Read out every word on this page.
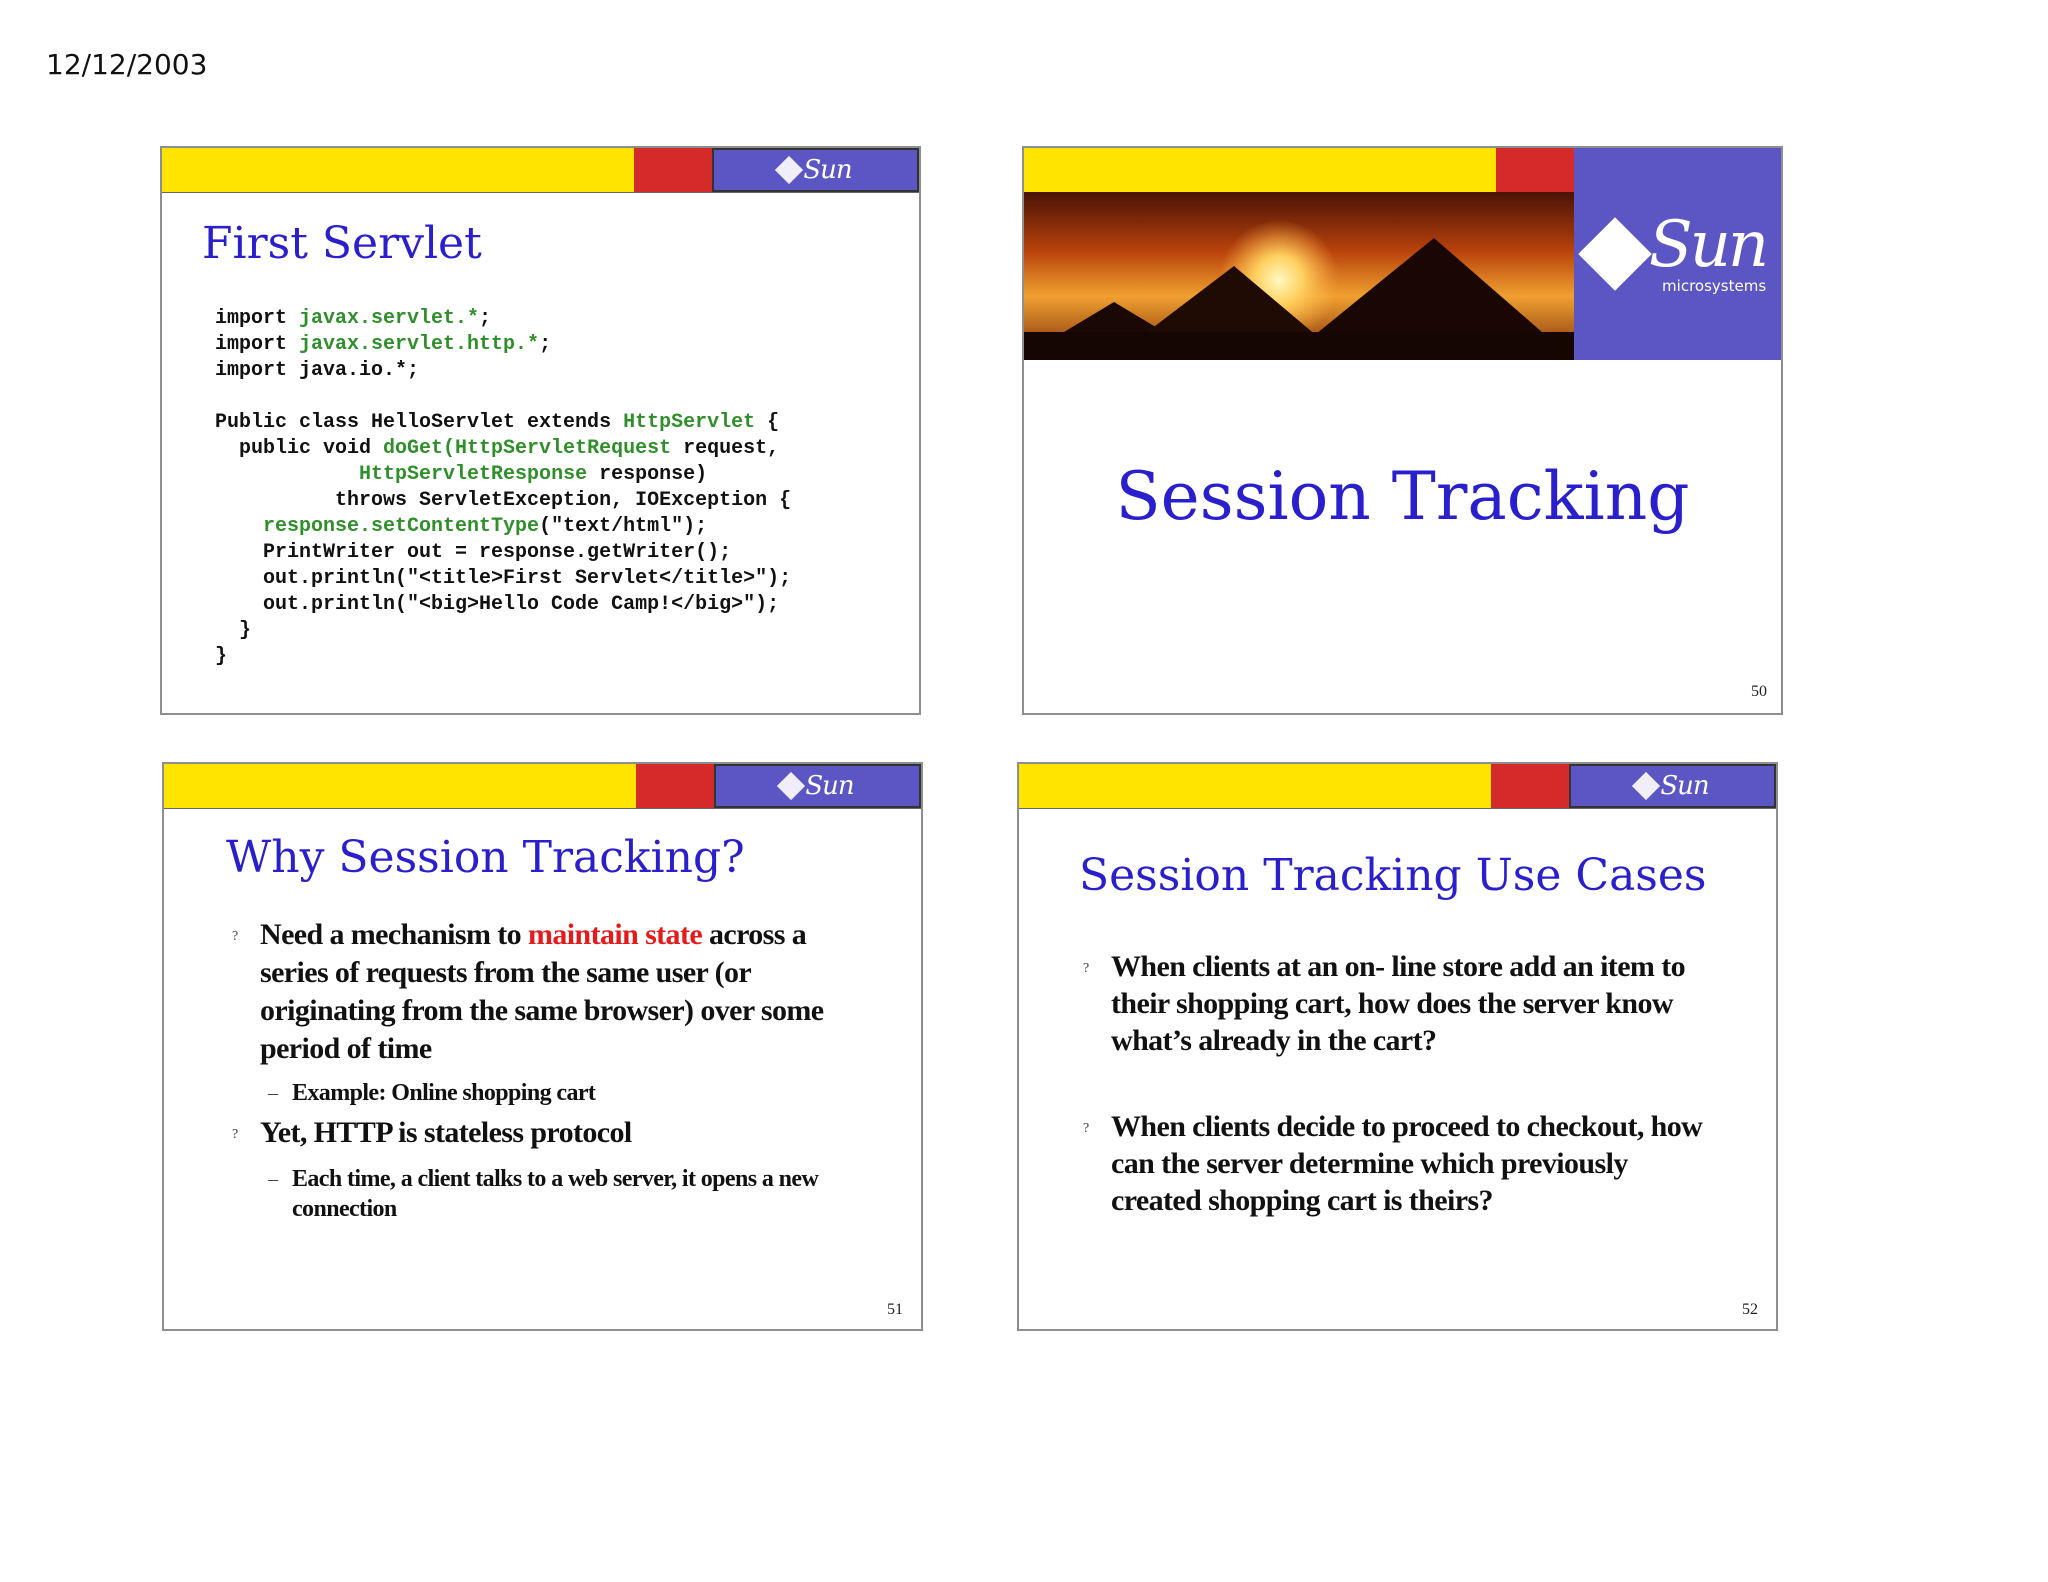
12/12/2003
Sun
First Servlet
import javax.servlet.*;
import javax.servlet.http.*;
import java.io.*;

Public class HelloServlet extends HttpServlet {
public void doGet(HttpServletRequest request,
HttpServletResponse response)
throws ServletException, IOException {
response.setContentType("text/html");
PrintWriter out = response.getWriter();
out.println("<title>First Servlet</title>");
out.println("<big>Hello Code Camp!</big>");
}
}
Sun
microsystems
Session Tracking
50
Sun
Why Session Tracking?
? Need a mechanism to maintain state across a series of requests from the same user (or originating from the same browser) over some period of time
– Example: Online shopping cart
? Yet, HTTP is stateless protocol
– Each time, a client talks to a web server, it opens a new connection
51
Sun
Session Tracking Use Cases
? When clients at an on- line store add an item to their shopping cart, how does the server know what’s already in the cart?
? When clients decide to proceed to checkout, how can the server determine which previously created shopping cart is theirs?
52
